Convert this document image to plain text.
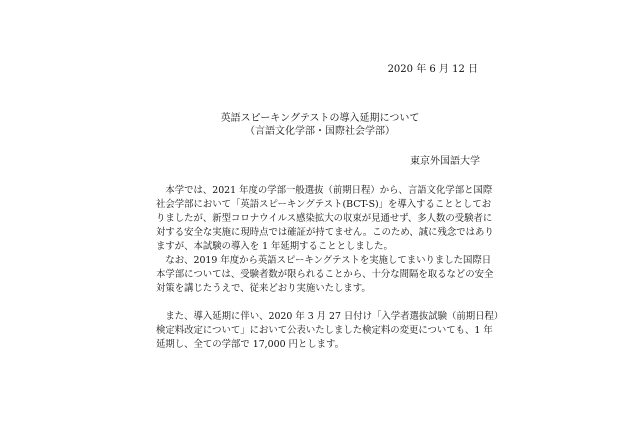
2020 年 6 月 12 日
英語スピーキングテストの導入延期について
（言語文化学部・国際社会学部）
東京外国語大学

　本学では、2021 年度の学部一般選抜（前期日程）から、言語文化学部と国際
社会学部において「英語スピーキングテスト(BCT-S)」を導入することとしてお
りましたが、新型コロナウイルス感染拡大の収束が見通せず、多人数の受験者に
対する安全な実施に現時点では確証が持てません。このため、誠に残念ではあり
ますが、本試験の導入を 1 年延期することとしました。

　なお、2019 年度から英語スピーキングテストを実施してまいりました国際日
本学部については、受験者数が限られることから、十分な間隔を取るなどの安全
対策を講じたうえで、従来どおり実施いたします。

　また、導入延期に伴い、2020 年 3 月 27 日付け「入学者選抜試験（前期日程）
検定料改定について」において公表いたしました検定料の変更についても、1 年
延期し、全ての学部で 17,000 円とします。
